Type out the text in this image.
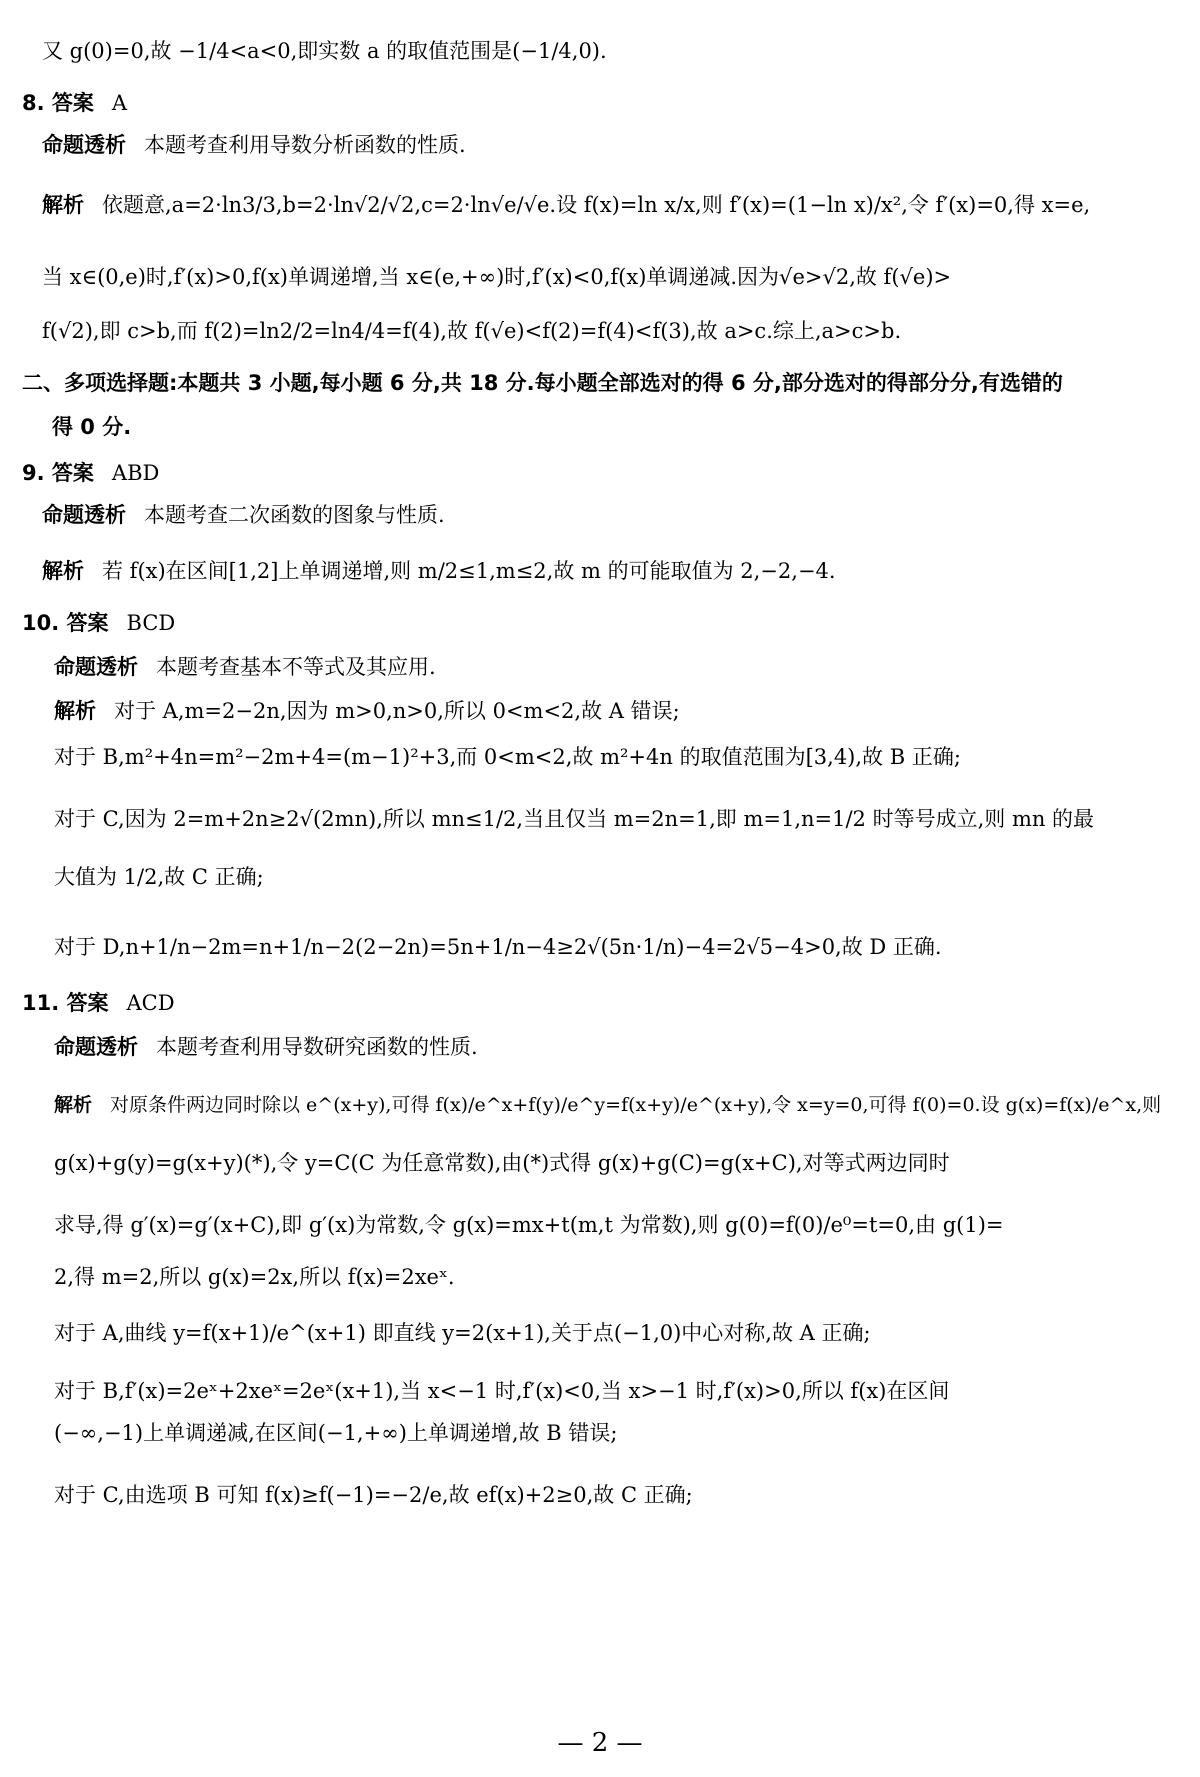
又 g(0)=0,故 −1/4<a<0,即实数 a 的取值范围是(−1/4,0).
8. 答案 A
命题透析 本题考查利用导数分析函数的性质.
解析 依题意,a=2·ln3/3,b=2·ln√2/√2,c=2·ln√e/√e.设 f(x)=ln x/x,则 f′(x)=(1−ln x)/x²,令 f′(x)=0,得 x=e,
当 x∈(0,e)时,f′(x)>0,f(x)单调递增,当 x∈(e,+∞)时,f′(x)<0,f(x)单调递减.因为√e>√2,故 f(√e)>
f(√2),即 c>b,而 f(2)=ln2/2=ln4/4=f(4),故 f(√e)<f(2)=f(4)<f(3),故 a>c.综上,a>c>b.
二、多项选择题:本题共 3 小题,每小题 6 分,共 18 分.每小题全部选对的得 6 分,部分选对的得部分分,有选错的
得 0 分.
9. 答案 ABD
命题透析 本题考查二次函数的图象与性质.
解析 若 f(x)在区间[1,2]上单调递增,则 m/2≤1,m≤2,故 m 的可能取值为 2,−2,−4.
10. 答案 BCD
命题透析 本题考查基本不等式及其应用.
解析 对于 A,m=2−2n,因为 m>0,n>0,所以 0<m<2,故 A 错误;
对于 B,m²+4n=m²−2m+4=(m−1)²+3,而 0<m<2,故 m²+4n 的取值范围为[3,4),故 B 正确;
对于 C,因为 2=m+2n≥2√(2mn),所以 mn≤1/2,当且仅当 m=2n=1,即 m=1,n=1/2 时等号成立,则 mn 的最
大值为 1/2,故 C 正确;
对于 D,n+1/n−2m=n+1/n−2(2−2n)=5n+1/n−4≥2√(5n·1/n)−4=2√5−4>0,故 D 正确.
11. 答案 ACD
命题透析 本题考查利用导数研究函数的性质.
解析 对原条件两边同时除以 e^(x+y),可得 f(x)/e^x+f(y)/e^y=f(x+y)/e^(x+y),令 x=y=0,可得 f(0)=0.设 g(x)=f(x)/e^x,则
g(x)+g(y)=g(x+y)(*),令 y=C(C 为任意常数),由(*)式得 g(x)+g(C)=g(x+C),对等式两边同时
求导,得 g′(x)=g′(x+C),即 g′(x)为常数,令 g(x)=mx+t(m,t 为常数),则 g(0)=f(0)/e⁰=t=0,由 g(1)=
2,得 m=2,所以 g(x)=2x,所以 f(x)=2xeˣ.
对于 A,曲线 y=f(x+1)/e^(x+1) 即直线 y=2(x+1),关于点(−1,0)中心对称,故 A 正确;
对于 B,f′(x)=2eˣ+2xeˣ=2eˣ(x+1),当 x<−1 时,f′(x)<0,当 x>−1 时,f′(x)>0,所以 f(x)在区间
(−∞,−1)上单调递减,在区间(−1,+∞)上单调递增,故 B 错误;
对于 C,由选项 B 可知 f(x)≥f(−1)=−2/e,故 ef(x)+2≥0,故 C 正确;
— 2 —
